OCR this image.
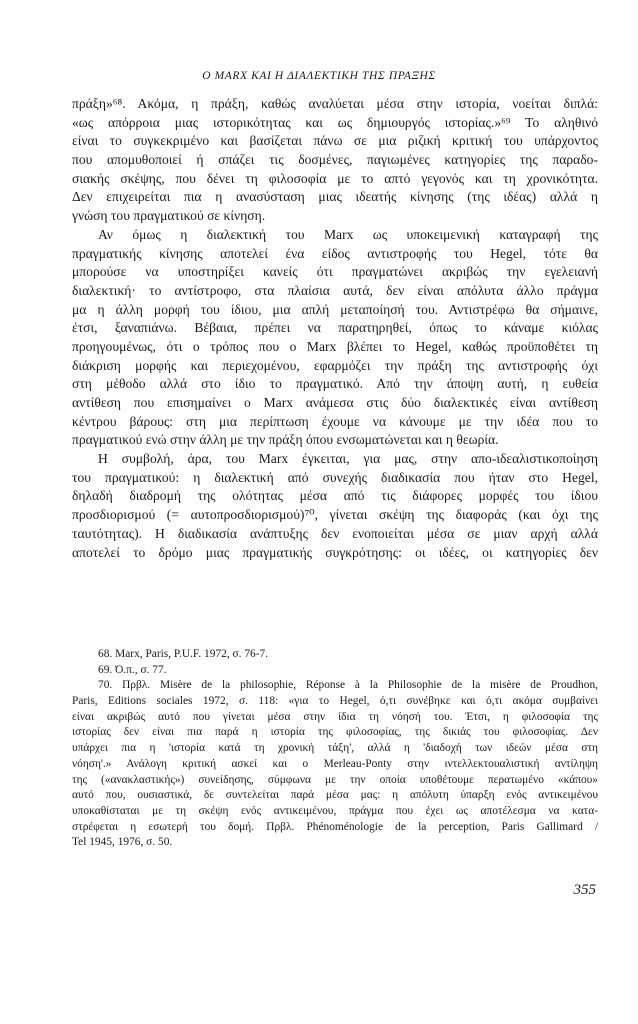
Ο MARX ΚΑΙ Η ΔΙΑΛΕΚΤΙΚΗ ΤΗΣ ΠΡΑΞΗΣ
πράξη»⁶⁸. Ακόμα, η πράξη, καθώς αναλύεται μέσα στην ιστορία, νοείται διπλά:
«ως απόρροια μιας ιστορικότητας και ως δημιουργός ιστορίας.»⁶⁹ Το αληθινό
είναι το συγκεκριμένο και βασίζεται πάνω σε μια ριζική κριτική του υπάρχοντος
που απομυθοποιεί ή σπάζει τις δοσμένες, παγιωμένες κατηγορίες της παραδο-
σιακής σκέψης, που δένει τη φιλοσοφία με το απτό γεγονός και τη χρονικότητα.
Δεν επιχειρείται πια η ανασύσταση μιας ιδεατής κίνησης (της ιδέας) αλλά η
γνώση του πραγματικού σε κίνηση.
Αν όμως η διαλεκτική του Marx ως υποκειμενική καταγραφή της
πραγματικής κίνησης αποτελεί ένα είδος αντιστροφής του Hegel, τότε θα
μπορούσε να υποστηρίξει κανείς ότι πραγματώνει ακριβώς την εγελειανή
διαλεκτική· το αντίστροφο, στα πλαίσια αυτά, δεν είναι απόλυτα άλλο πράγμα
μα η άλλη μορφή του ίδιου, μια απλή μεταποίησή του. Αντιστρέφω θα σήμαινε,
έτσι, ξαναπιάνω. Βέβαια, πρέπει να παρατηρηθεί, όπως το κάναμε κιόλας
προηγουμένως, ότι ο τρόπος που ο Marx βλέπει το Hegel, καθώς προϋποθέτει τη
διάκριση μορφής και περιεχομένου, εφαρμόζει την πράξη της αντιστροφής όχι
στη μέθοδο αλλά στο ίδιο το πραγματικό. Από την άποψη αυτή, η ευθεία
αντίθεση που επισημαίνει ο Marx ανάμεσα στις δύο διαλεκτικές είναι αντίθεση
κέντρου βάρους: στη μια περίπτωση έχουμε να κάνουμε με την ιδέα που το
πραγματικού ενώ στην άλλη με την πράξη όπου ενσωματώνεται και η θεωρία.
Η συμβολή, άρα, του Marx έγκειται, για μας, στην απο-ιδεαλιστικοποίηση
του πραγματικού: η διαλεκτική από συνεχής διαδικασία που ήταν στο Hegel,
δηλαδή διαδρομή της ολότητας μέσα από τις διάφορες μορφές του ίδιου
προσδιορισμού (= αυτοπροσδιορισμού)⁷⁰, γίνεται σκέψη της διαφοράς (και όχι της
ταυτότητας). Η διαδικασία ανάπτυξης δεν ενοποιείται μέσα σε μιαν αρχή αλλά
αποτελεί το δρόμο μιας πραγματικής συγκρότησης: οι ιδέες, οι κατηγορίες δεν
68. Marx, Paris, P.U.F. 1972, σ. 76-7.
69. Ό.π., σ. 77.
70. Πρβλ. Misère de la philosophie, Réponse à la Philosophie de la misère de Proudhon,
Paris, Editions sociales 1972, σ. 118: «για το Hegel, ό,τι συνέβηκε και ό,τι ακόμα συμβαίνει
είναι ακριβώς αυτό που γίνεται μέσα στην ίδια τη νόησή του. Έτσι, η φιλοσοφία της
ιστορίας δεν είναι πια παρά η ιστορία της φιλοσοφίας, της δικιάς του φιλοσοφίας. Δεν
υπάρχει πια η 'ιστορία κατά τη χρονική τάξη', αλλά η 'διαδοχή των ιδεών μέσα στη
νόηση'.» Ανάλογη κριτική ασκεί και ο Merleau-Ponty στην ιντελλεκτουαλιστική αντίληψη
της («ανακλαστικής») συνείδησης, σύμφωνα με την οποία υποθέτουμε περατωμένο «κάπου»
αυτό που, ουσιαστικά, δε συντελείται παρά μέσα μας: η απόλυτη ύπαρξη ενός αντικειμένου
υποκαθίσταται με τη σκέψη ενός αντικειμένου, πράγμα που έχει ως αποτέλεσμα να κατα-
στρέφεται η εσωτερή του δομή. Πρβλ. Phénoménologie de la perception, Paris Gallimard /
Tel 1945, 1976, σ. 50.
355
